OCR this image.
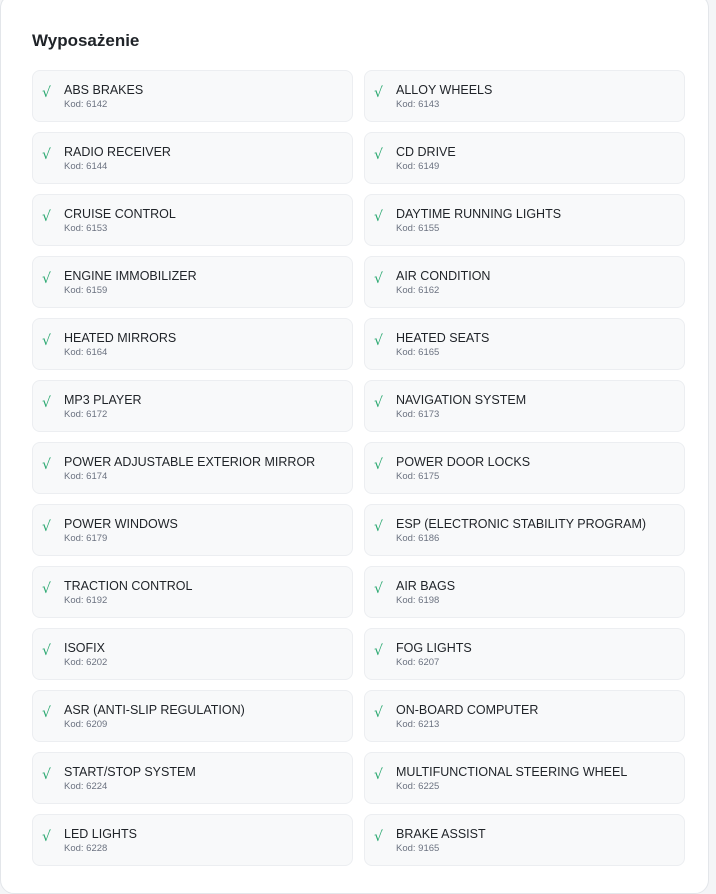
Wyposażenie
√	ABS BRAKES
Kod: 6142
√	ALLOY WHEELS
Kod: 6143
√	RADIO RECEIVER
Kod: 6144
√	CD DRIVE
Kod: 6149
√	CRUISE CONTROL
Kod: 6153
√	DAYTIME RUNNING LIGHTS
Kod: 6155
√	ENGINE IMMOBILIZER
Kod: 6159
√	AIR CONDITION
Kod: 6162
√	HEATED MIRRORS
Kod: 6164
√	HEATED SEATS
Kod: 6165
√	MP3 PLAYER
Kod: 6172
√	NAVIGATION SYSTEM
Kod: 6173
√	POWER ADJUSTABLE EXTERIOR MIRROR
Kod: 6174
√	POWER DOOR LOCKS
Kod: 6175
√	POWER WINDOWS
Kod: 6179
√	ESP (ELECTRONIC STABILITY PROGRAM)
Kod: 6186
√	TRACTION CONTROL
Kod: 6192
√	AIR BAGS
Kod: 6198
√	ISOFIX
Kod: 6202
√	FOG LIGHTS
Kod: 6207
√	ASR (ANTI-SLIP REGULATION)
Kod: 6209
√	ON-BOARD COMPUTER
Kod: 6213
√	START/STOP SYSTEM
Kod: 6224
√	MULTIFUNCTIONAL STEERING WHEEL
Kod: 6225
√	LED LIGHTS
Kod: 6228
√	BRAKE ASSIST
Kod: 9165
